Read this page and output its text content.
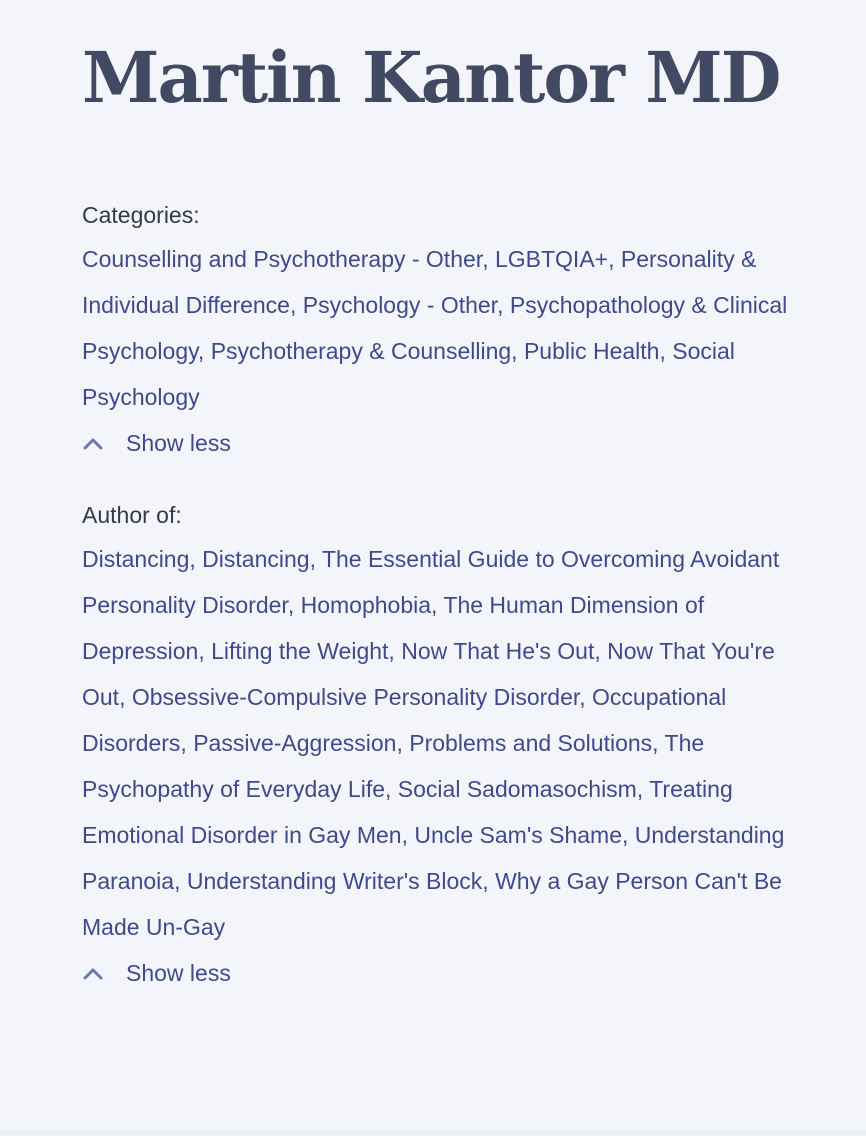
Martin Kantor MD
Categories:
Counselling and Psychotherapy - Other, LGBTQIA+, Personality & Individual Difference, Psychology - Other, Psychopathology & Clinical Psychology, Psychotherapy & Counselling, Public Health, Social Psychology
Show less
Author of:
Distancing, Distancing, The Essential Guide to Overcoming Avoidant Personality Disorder, Homophobia, The Human Dimension of Depression, Lifting the Weight, Now That He's Out, Now That You're Out, Obsessive-Compulsive Personality Disorder, Occupational Disorders, Passive-Aggression, Problems and Solutions, The Psychopathy of Everyday Life, Social Sadomasochism, Treating Emotional Disorder in Gay Men, Uncle Sam's Shame, Understanding Paranoia, Understanding Writer's Block, Why a Gay Person Can't Be Made Un-Gay
Show less
